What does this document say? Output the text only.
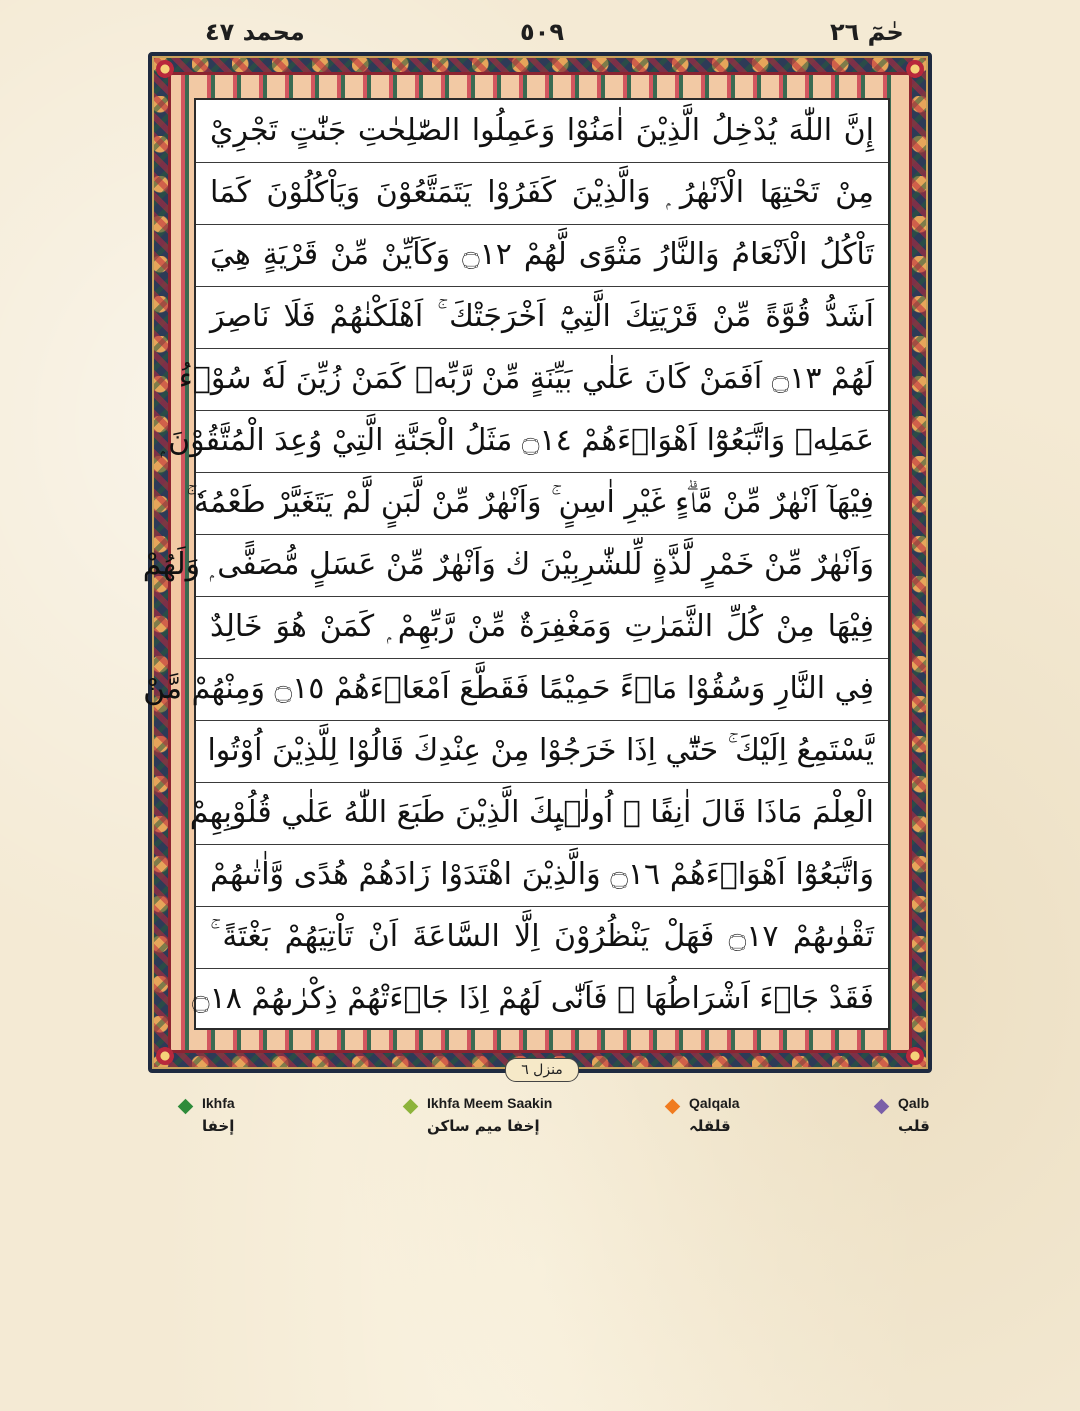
محمد ٤٧	٥٠٩	حٰمٓ ٢٦
إِنَّ اللّٰهَ يُدْخِلُ الَّذِيْنَ اٰمَنُوْا وَعَمِلُوا الصّٰلِحٰتِ جَنّٰتٍ تَجْرِيْ
مِنْ تَحْتِهَا الْاَنْهٰرُ ۭ وَالَّذِيْنَ كَفَرُوْا يَتَمَتَّعُوْنَ وَيَاْكُلُوْنَ كَمَا
تَاْكُلُ الْاَنْعَامُ وَالنَّارُ مَثْوًى لَّهُمْ ۝١٢ وَكَاَيِّنْ مِّنْ قَرْيَةٍ هِيَ
اَشَدُّ قُوَّةً مِّنْ قَرْيَتِكَ الَّتِيْٓ اَخْرَجَتْكَ ۚ اَهْلَكْنٰهُمْ فَلَا نَاصِرَ
لَهُمْ ۝١٣ اَفَمَنْ كَانَ عَلٰي بَيِّنَةٍ مِّنْ رَّبِّهٖ كَمَنْ زُيِّنَ لَهٗ سُوْۗءُ
عَمَلِهٖ وَاتَّبَعُوْٓا اَهْوَاۗءَهُمْ ۝١٤ مَثَلُ الْجَنَّةِ الَّتِيْ وُعِدَ الْمُتَّقُوْنَ ۭ
فِيْهَآ اَنْهٰرٌ مِّنْ مَّاۗءٍ غَيْرِ اٰسِنٍ ۚ وَاَنْهٰرٌ مِّنْ لَّبَنٍ لَّمْ يَتَغَيَّرْ طَعْمُهٗ ۚ
وَاَنْهٰرٌ مِّنْ خَمْرٍ لَّذَّةٍ لِّلشّٰرِبِيْنَ ڬ وَاَنْهٰرٌ مِّنْ عَسَلٍ مُّصَفًّى ۭ وَلَهُمْ
فِيْهَا مِنْ كُلِّ الثَّمَرٰتِ وَمَغْفِرَةٌ مِّنْ رَّبِّهِمْ ۭ كَمَنْ هُوَ خَالِدٌ
فِي النَّارِ وَسُقُوْا مَاۗءً حَمِيْمًا فَقَطَّعَ اَمْعَاۗءَهُمْ ۝١٥ وَمِنْهُمْ مَّنْ
يَّسْتَمِعُ اِلَيْكَ ۚ حَتّٰٓي اِذَا خَرَجُوْا مِنْ عِنْدِكَ قَالُوْا لِلَّذِيْنَ اُوْتُوا
الْعِلْمَ مَاذَا قَالَ اٰنِفًا ۣ اُولٰۗىِٕكَ الَّذِيْنَ طَبَعَ اللّٰهُ عَلٰي قُلُوْبِهِمْ
وَاتَّبَعُوْٓا اَهْوَاۗءَهُمْ ۝١٦ وَالَّذِيْنَ اهْتَدَوْا زَادَهُمْ هُدًى وَّاٰتٰىهُمْ
تَقْوٰىهُمْ ۝١٧ فَهَلْ يَنْظُرُوْنَ اِلَّا السَّاعَةَ اَنْ تَاْتِيَهُمْ بَغْتَةً ۚ
فَقَدْ جَاۗءَ اَشْرَاطُهَا ۚ فَاَنّٰى لَهُمْ اِذَا جَاۗءَتْهُمْ ذِكْرٰىهُمْ ۝١٨
منزل ٦
Ikhfa
إخفا
Ikhfa Meem Saakin
إخفا میم ساکن
Qalqala
قلقلہ
Qalb
قلب
